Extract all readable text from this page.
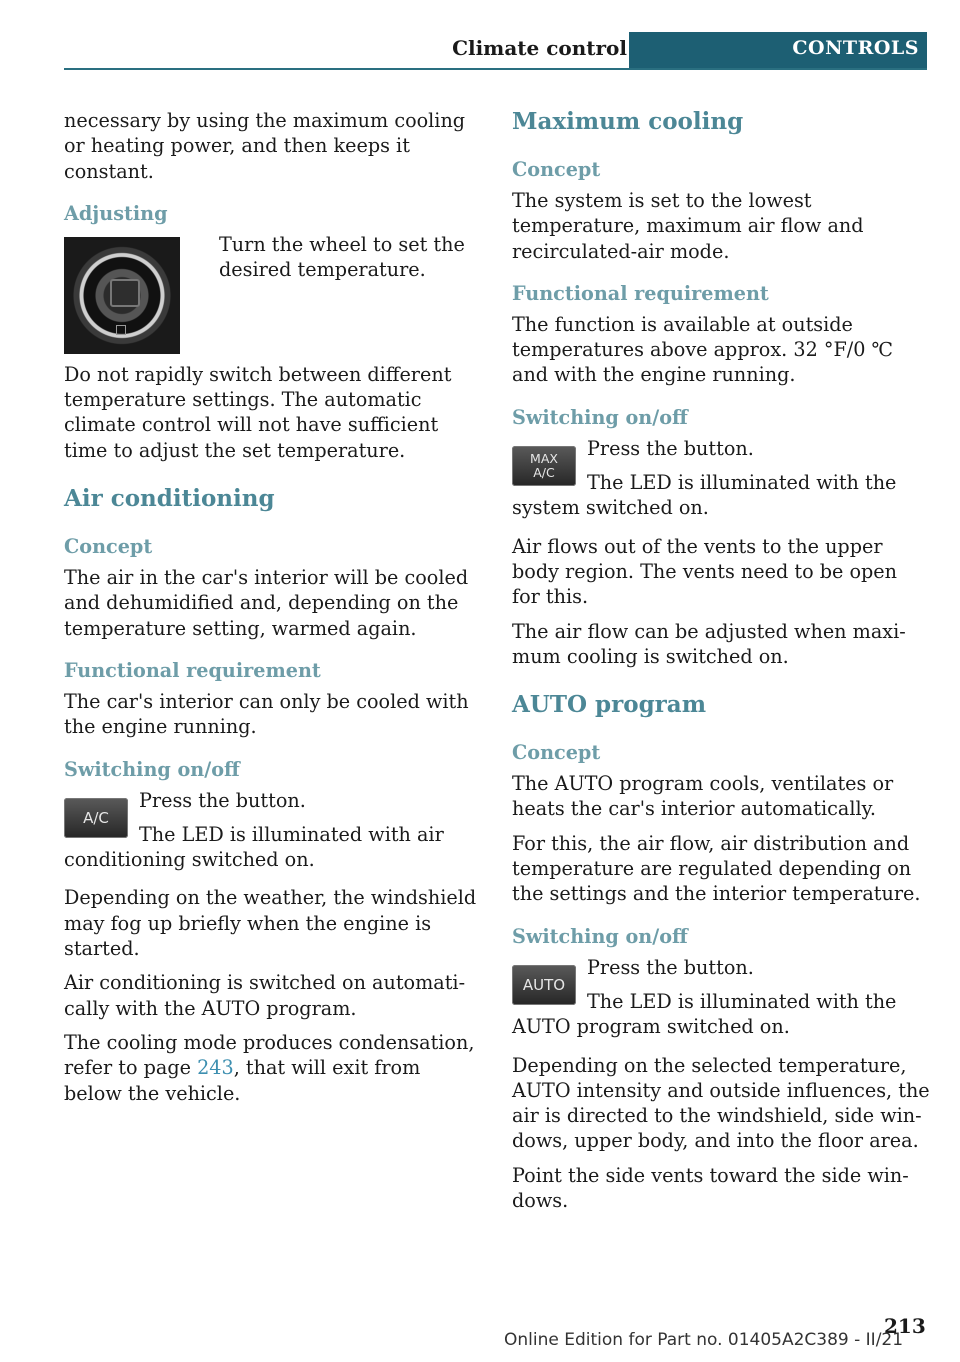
Climate control	CONTROLS

necessary by using the maximum cooling or heating power, and then keeps it constant.

Adjusting

Turn the wheel to set the desired temperature.

Do not rapidly switch between different temperature settings. The automatic climate control will not have sufficient time to adjust the set temperature.

Air conditioning
Concept

The air in the car's interior will be cooled and dehumidified and, depending on the temperature setting, warmed again.

Functional requirement

The car's interior can only be cooled with the engine running.

Switching on/off
A/C

Press the button.

The LED is illuminated with air conditioning switched on.

Depending on the weather, the windshield may fog up briefly when the engine is started.

Air conditioning is switched on automatically with the AUTO program.

The cooling mode produces condensation, refer to page 243, that will exit from below the vehicle.

Maximum cooling
Concept

The system is set to the lowest temperature, maximum air flow and recirculated-air mode.

Functional requirement

The function is available at outside temperatures above approx. 32 °F/0 ℃ and with the engine running.

Switching on/off
MAX
A/C

Press the button.

The LED is illuminated with the system switched on.

Air flows out of the vents to the upper body region. The vents need to be open for this.

The air flow can be adjusted when maximum cooling is switched on.

AUTO program
Concept

The AUTO program cools, ventilates or heats the car's interior automatically.

For this, the air flow, air distribution and temperature are regulated depending on the settings and the interior temperature.

Switching on/off
AUTO

Press the button.

The LED is illuminated with the AUTO program switched on.

Depending on the selected temperature, AUTO intensity and outside influences, the air is directed to the windshield, side windows, upper body, and into the floor area.

Point the side vents toward the side windows.

213
Online Edition for Part no. 01405A2C389 - II/21
